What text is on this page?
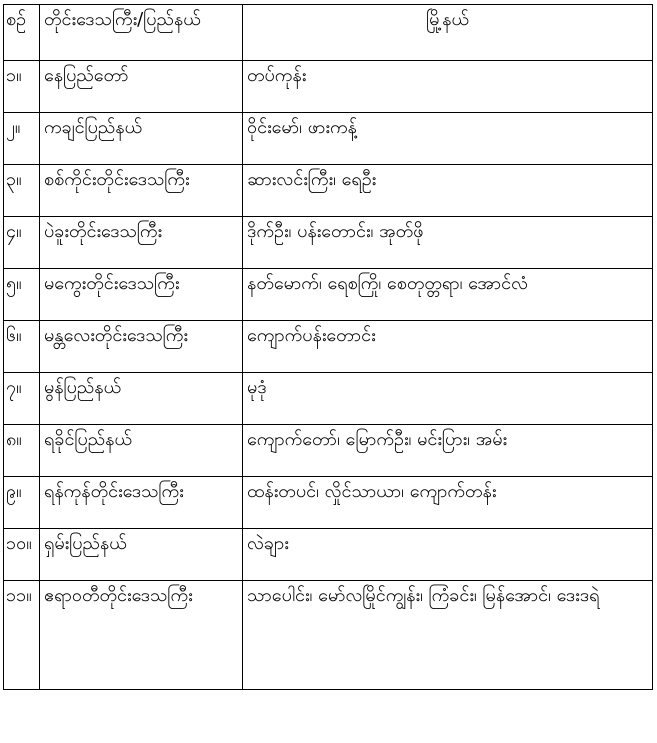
စဉ်	တိုင်းဒေသကြီး/ပြည်နယ်	မြို့နယ်
၁။	နေပြည်တော်	တပ်ကုန်း
၂။	ကချင်ပြည်နယ်	ဝိုင်းမော်၊ ဖားကန့်
၃။	စစ်ကိုင်းတိုင်းဒေသကြီး	ဆားလင်းကြီး၊ ရေဦး
၄။	ပဲခူးတိုင်းဒေသကြီး	ဒိုက်ဦး၊ ပန်းတောင်း၊ အုတ်ဖို
၅။	မကွေးတိုင်းဒေသကြီး	နတ်မောက်၊ ရေစကြို၊ စေတုတ္တရာ၊ အောင်လံ
၆။	မန္တလေးတိုင်းဒေသကြီး	ကျောက်ပန်းတောင်း
၇။	မွန်ပြည်နယ်	မုဒုံ
၈။	ရခိုင်ပြည်နယ်	ကျောက်တော်၊ မြောက်ဦး၊ မင်းပြား၊ အမ်း
၉။	ရန်ကုန်တိုင်းဒေသကြီး	ထန်းတပင်၊ လှိုင်သာယာ၊ ကျောက်တန်း
၁၀။	ရှမ်းပြည်နယ်	လဲချား
၁၁။	ဧရာဝတီတိုင်းဒေသကြီး	သာပေါင်း၊ မော်လမြိုင်ကျွန်း၊ ကြံခင်း၊ မြန်အောင်၊ ဒေးဒရဲ
